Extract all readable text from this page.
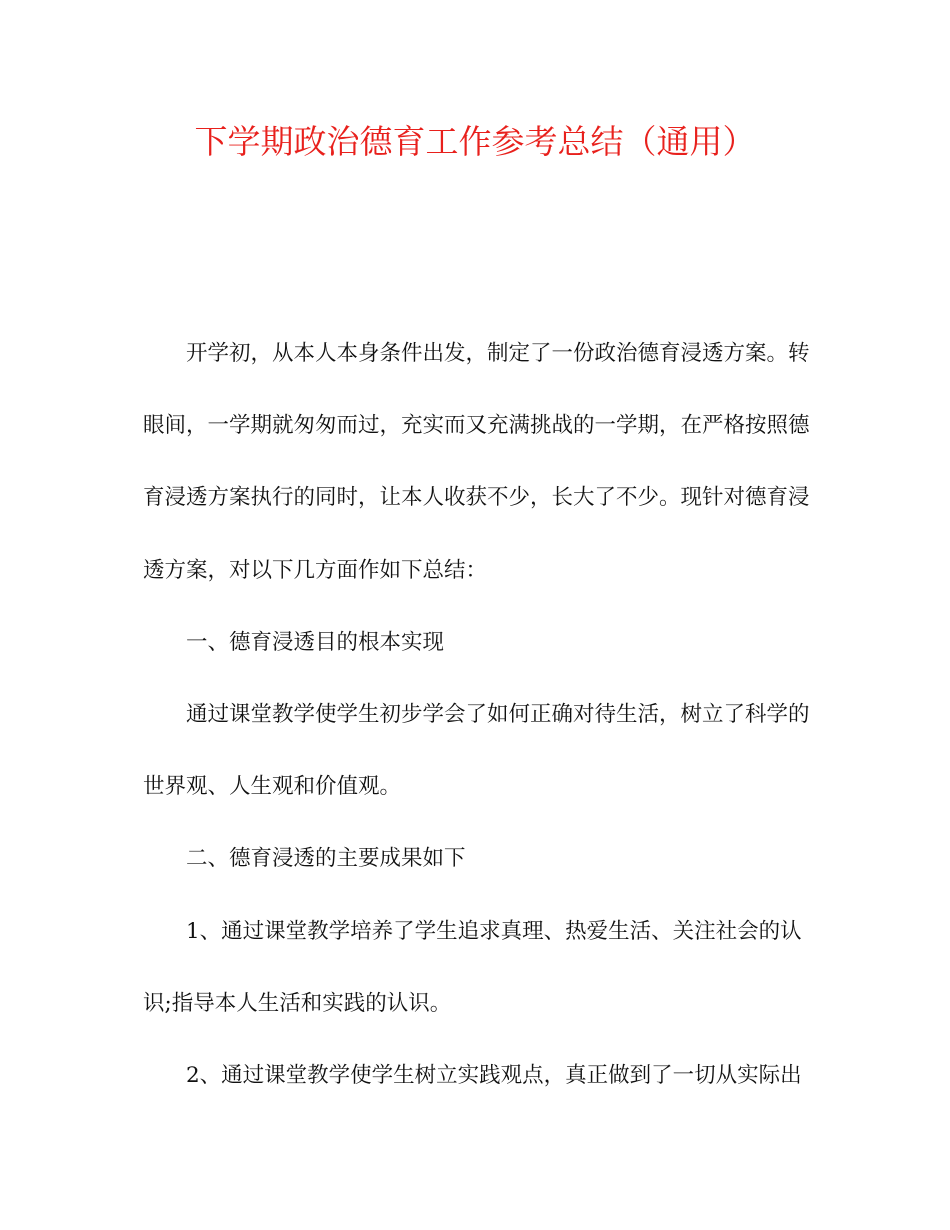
下学期政治德育工作参考总结（通用）

开学初，从本人本身条件出发，制定了一份政治德育浸透方案。转眼间，一学期就匆匆而过，充实而又充满挑战的一学期，在严格按照德育浸透方案执行的同时，让本人收获不少，长大了不少。现针对德育浸透方案，对以下几方面作如下总结：

一、德育浸透目的根本实现

通过课堂教学使学生初步学会了如何正确对待生活，树立了科学的世界观、人生观和价值观。

二、德育浸透的主要成果如下

1、通过课堂教学培养了学生追求真理、热爱生活、关注社会的认识;指导本人生活和实践的认识。

2、通过课堂教学使学生树立实践观点，真正做到了一切从实际出
